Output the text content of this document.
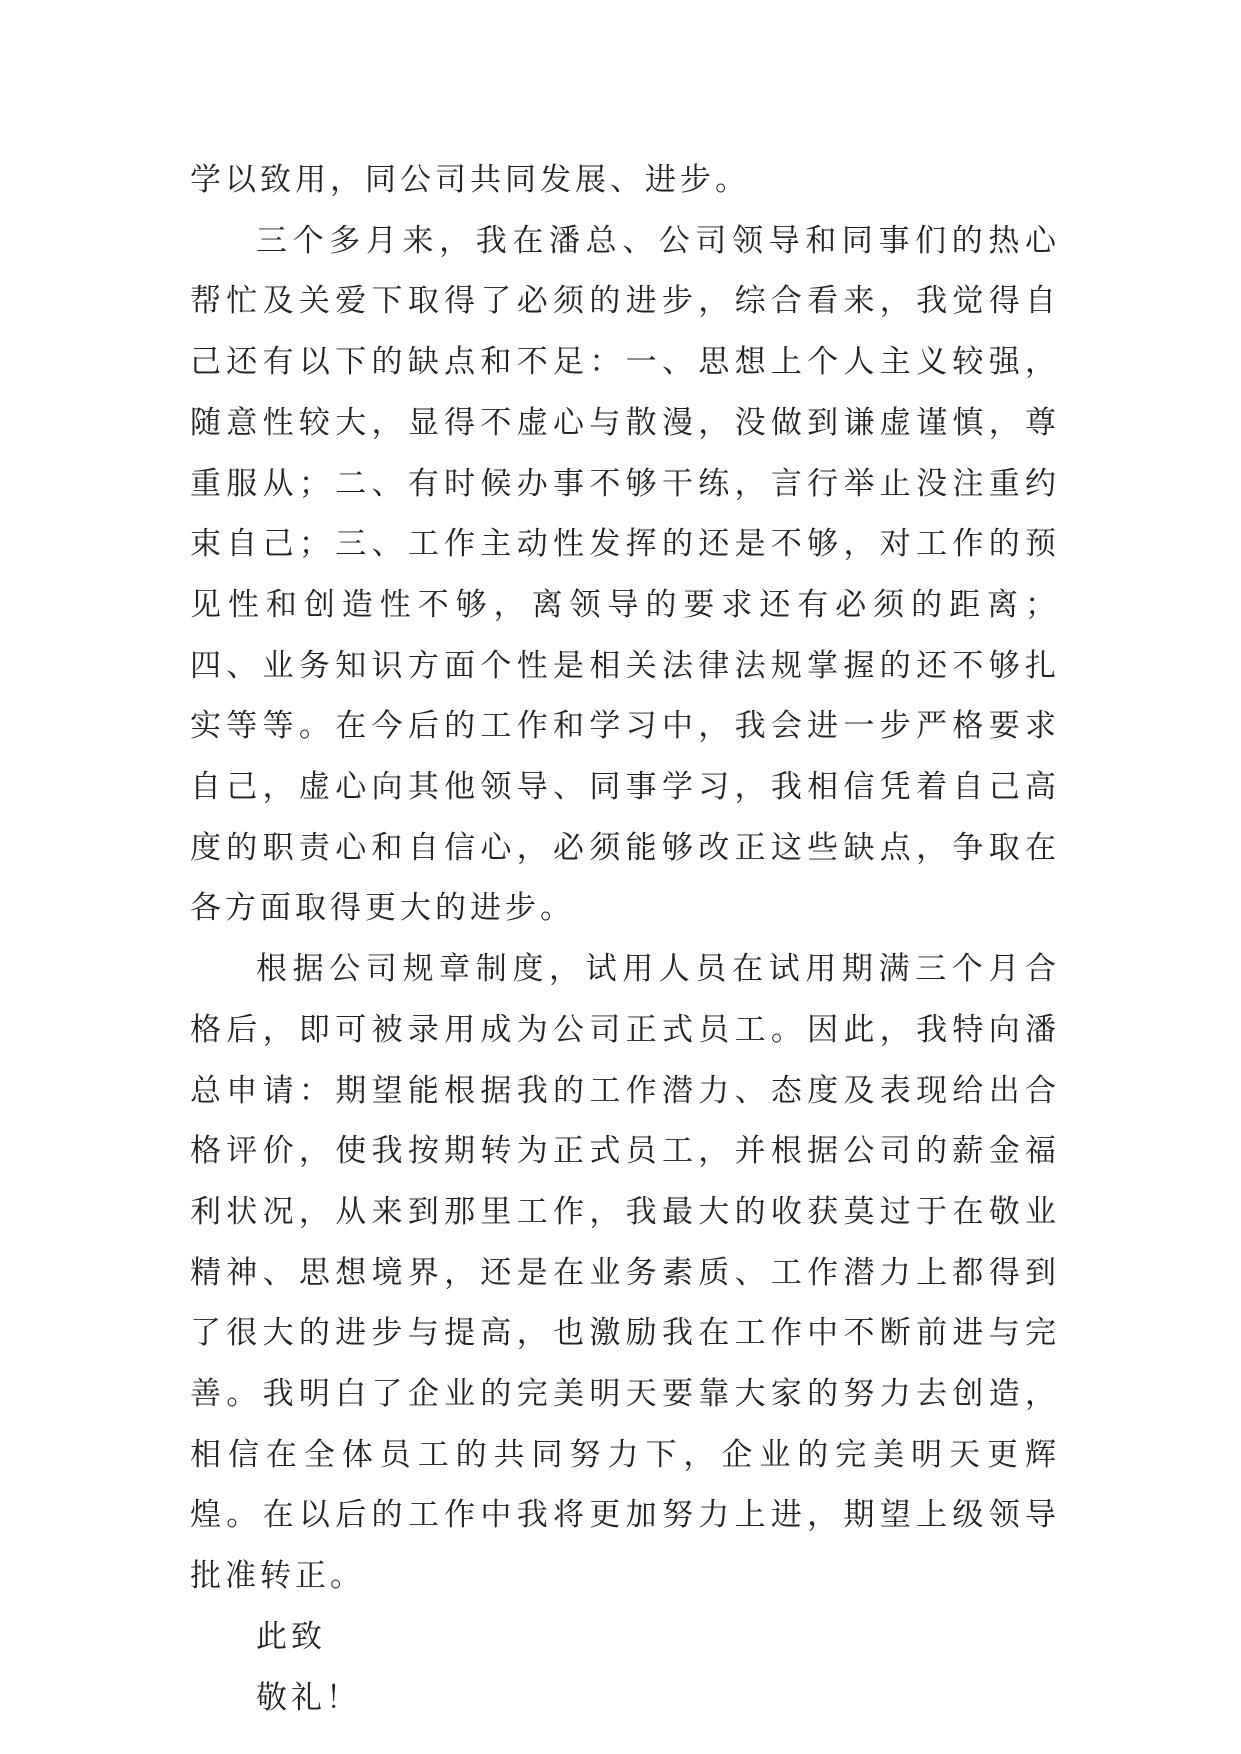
学以致用，同公司共同发展、进步。

三个多月来，我在潘总、公司领导和同事们的热心帮忙及关爱下取得了必须的进步，综合看来，我觉得自己还有以下的缺点和不足：一、思想上个人主义较强，随意性较大，显得不虚心与散漫，没做到谦虚谨慎，尊重服从；二、有时候办事不够干练，言行举止没注重约束自己；三、工作主动性发挥的还是不够，对工作的预见性和创造性不够，离领导的要求还有必须的距离；四、业务知识方面个性是相关法律法规掌握的还不够扎实等等。在今后的工作和学习中，我会进一步严格要求自己，虚心向其他领导、同事学习，我相信凭着自己高度的职责心和自信心，必须能够改正这些缺点，争取在各方面取得更大的进步。

根据公司规章制度，试用人员在试用期满三个月合格后，即可被录用成为公司正式员工。因此，我特向潘总申请：期望能根据我的工作潜力、态度及表现给出合格评价，使我按期转为正式员工，并根据公司的薪金福利状况，从来到那里工作，我最大的收获莫过于在敬业精神、思想境界，还是在业务素质、工作潜力上都得到了很大的进步与提高，也激励我在工作中不断前进与完善。我明白了企业的完美明天要靠大家的努力去创造，相信在全体员工的共同努力下，企业的完美明天更辉煌。在以后的工作中我将更加努力上进，期望上级领导批准转正。

此致

敬礼！
